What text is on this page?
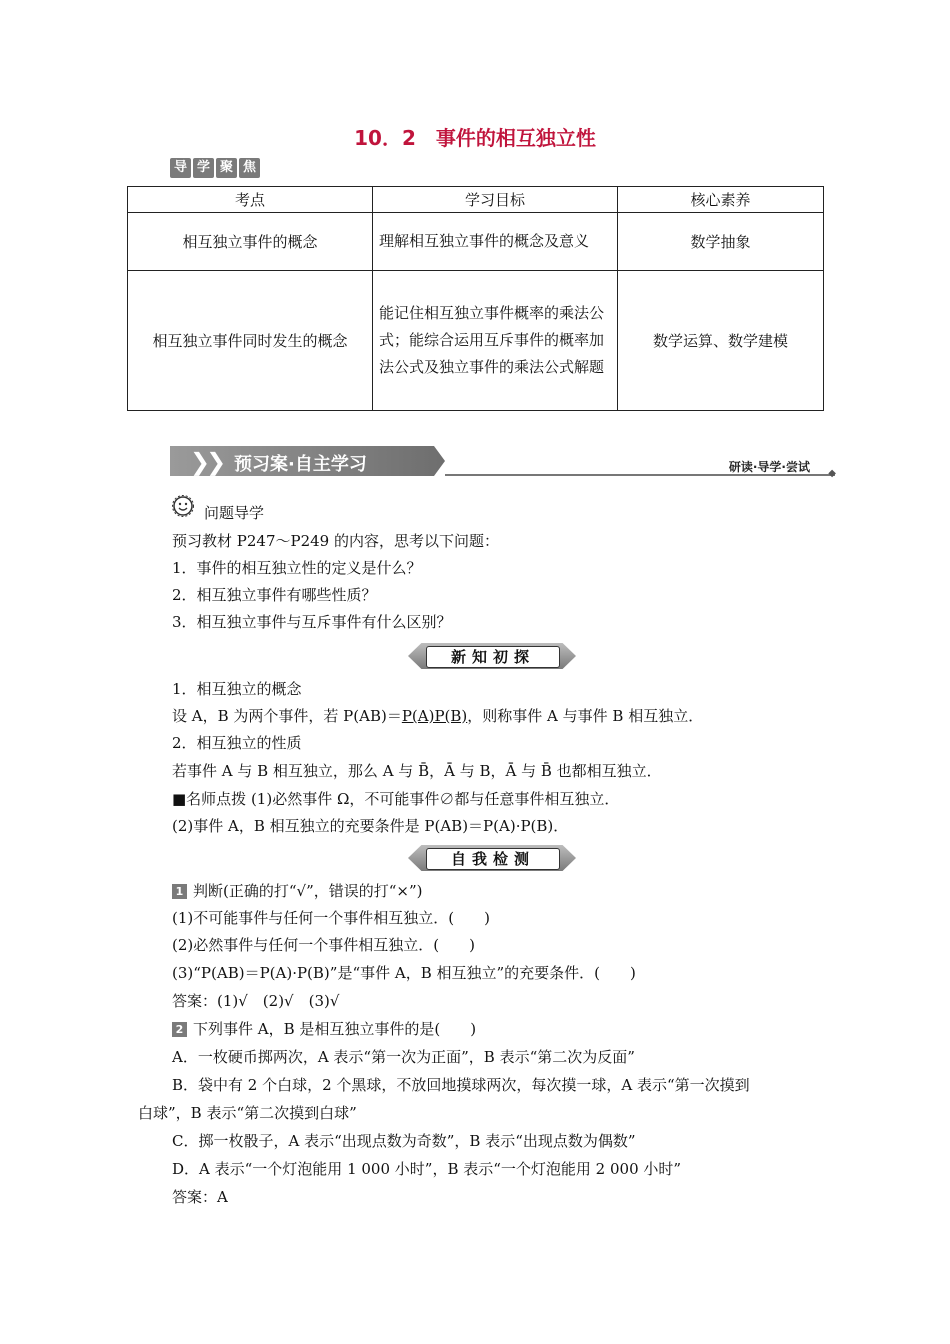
10．2　事件的相互独立性
导 学 聚 焦
考点	学习目标	核心素养
相互独立事件的概念	理解相互独立事件的概念及意义	数学抽象
相互独立事件同时发生的概念	能记住相互独立事件概率的乘法公式；能综合运用互斥事件的概率加法公式及独立事件的乘法公式解题	数学运算、数学建模
❯❯ 预习案·自主学习	研读·导学·尝试 ◆
问题导学
预习教材 P247～P249 的内容，思考以下问题：
1．事件的相互独立性的定义是什么？
2．相互独立事件有哪些性质？
3．相互独立事件与互斥事件有什么区别？
新知初探
1．相互独立的概念
设 A，B 为两个事件，若 P(AB)＝P(A)P(B)，则称事件 A 与事件 B 相互独立．
2．相互独立的性质
若事件 A 与 B 相互独立，那么 A 与 B̄，Ā 与 B，Ā 与 B̄ 也都相互独立．
■名师点拨 (1)必然事件 Ω，不可能事件∅都与任意事件相互独立．
(2)事件 A，B 相互独立的充要条件是 P(AB)＝P(A)·P(B)．
自我检测
1 判断(正确的打“√”，错误的打“×”)
(1)不可能事件与任何一个事件相互独立．(　　)
(2)必然事件与任何一个事件相互独立．(　　)
(3)“P(AB)＝P(A)·P(B)”是“事件 A，B 相互独立”的充要条件．(　　)
答案：(1)√　(2)√　(3)√
2 下列事件 A，B 是相互独立事件的是(　　)
A．一枚硬币掷两次，A 表示“第一次为正面”，B 表示“第二次为反面”
B．袋中有 2 个白球，2 个黑球，不放回地摸球两次，每次摸一球，A 表示“第一次摸到
白球”，B 表示“第二次摸到白球”
C．掷一枚骰子，A 表示“出现点数为奇数”，B 表示“出现点数为偶数”
D．A 表示“一个灯泡能用 1 000 小时”，B 表示“一个灯泡能用 2 000 小时”
答案：A
